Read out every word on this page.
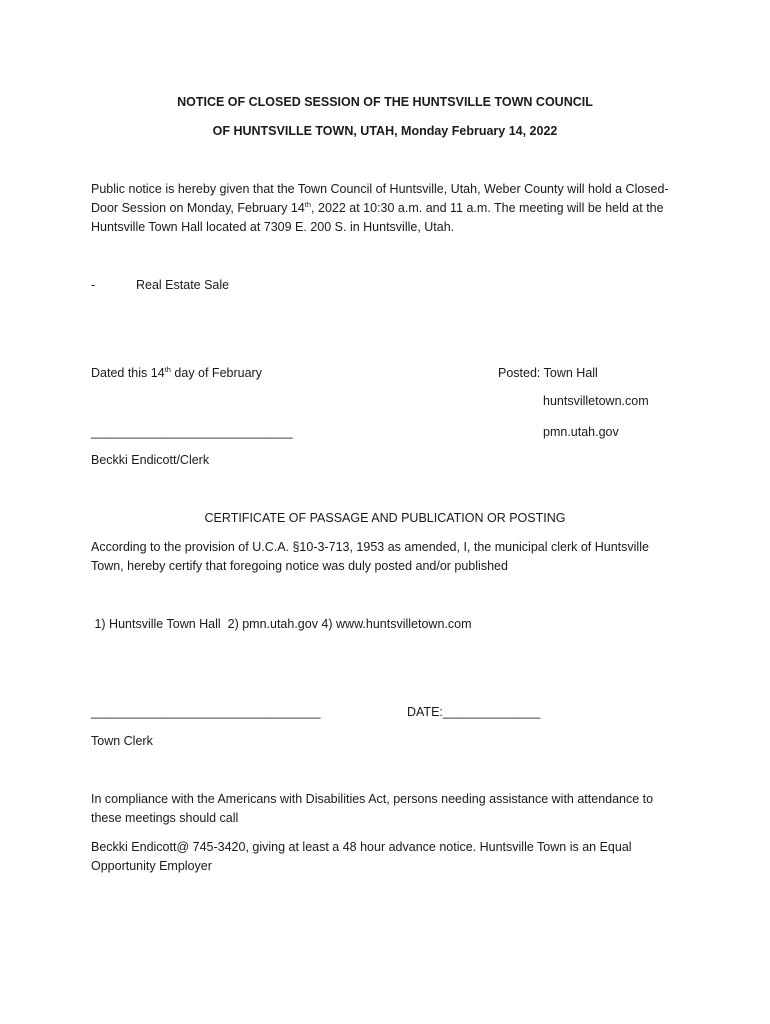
NOTICE OF CLOSED SESSION OF THE HUNTSVILLE TOWN COUNCIL

OF HUNTSVILLE TOWN, UTAH, Monday February 14, 2022

Public notice is hereby given that the Town Council of Huntsville, Utah, Weber County will hold a Closed-

Door Session on Monday, February 14th, 2022 at 10:30 a.m. and 11 a.m. The meeting will be held at the

Huntsville Town Hall located at 7309 E. 200 S. in Huntsville, Utah.

-	Real Estate Sale

Dated this 14th day of February	Posted: Town Hall

huntsvilletown.com

_____________________________	pmn.utah.gov

Beckki Endicott/Clerk

CERTIFICATE OF PASSAGE AND PUBLICATION OR POSTING

According to the provision of U.C.A. §10-3-713, 1953 as amended, I, the municipal clerk of Huntsville

Town, hereby certify that foregoing notice was duly posted and/or published

1) Huntsville Town Hall  2) pmn.utah.gov 4) www.huntsvilletown.com

_________________________________	DATE:______________

Town Clerk

In compliance with the Americans with Disabilities Act, persons needing assistance with attendance to

these meetings should call

Beckki Endicott@ 745-3420, giving at least a 48 hour advance notice. Huntsville Town is an Equal

Opportunity Employer
